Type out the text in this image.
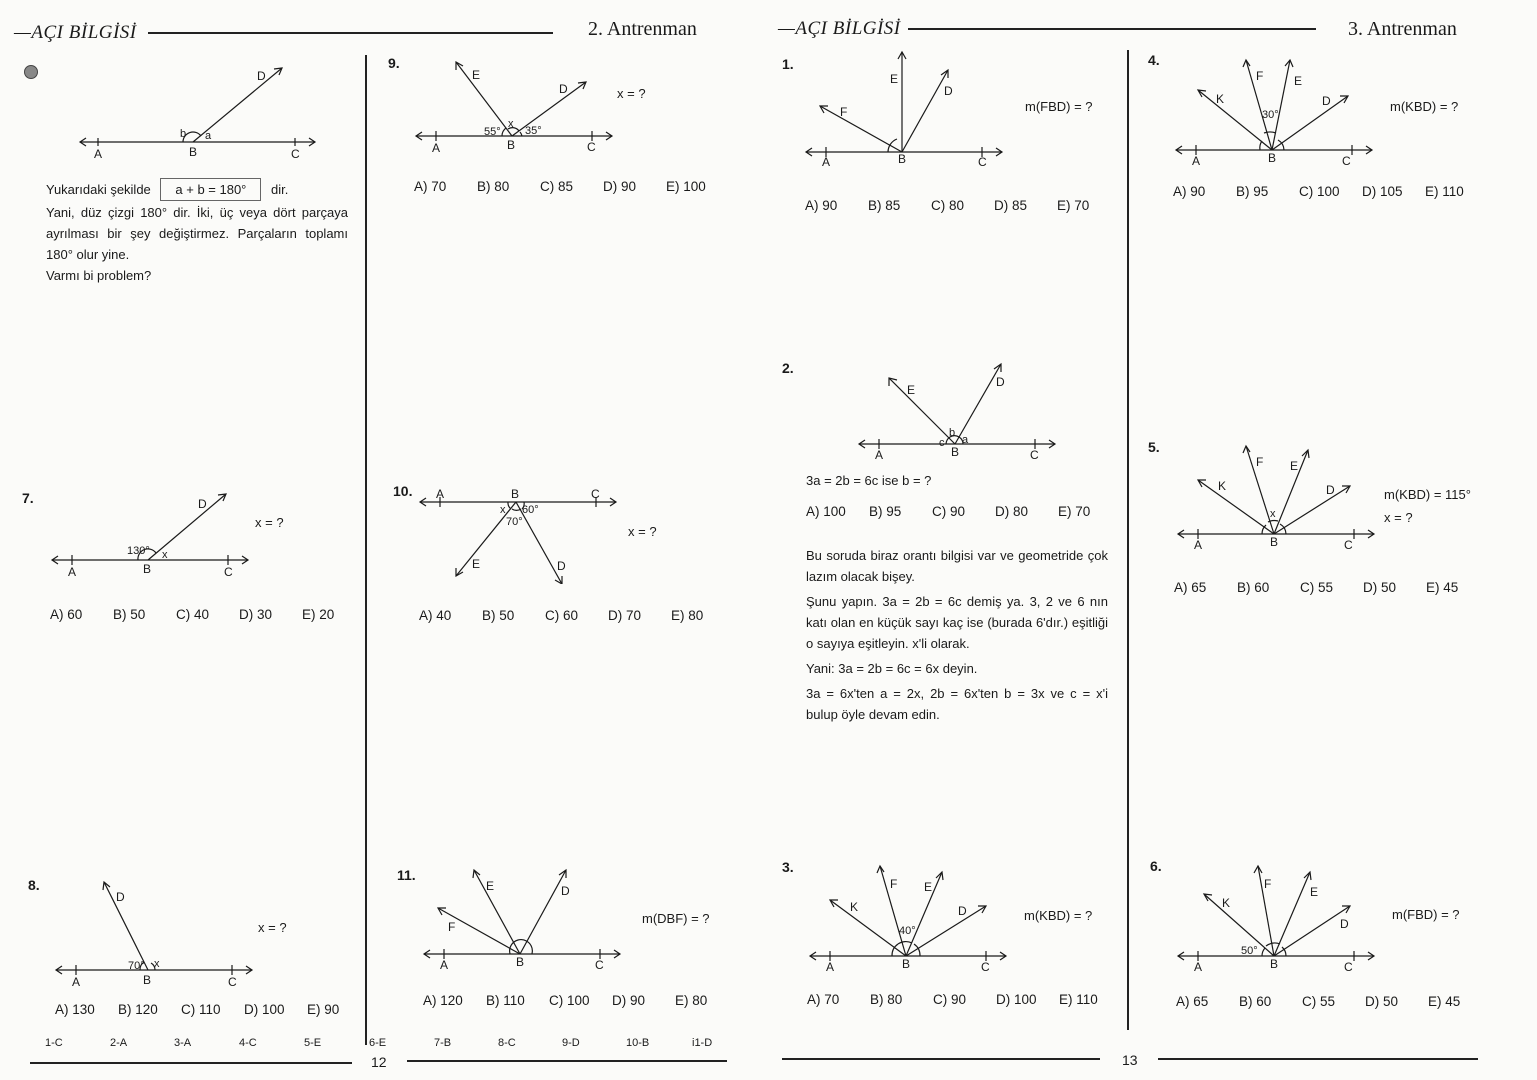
—AÇI BİLGİSİ	2. Antrenman
A	B	C
D
b a
Yukarıdaki şekilde a + b = 180° dir.
Yani, düz çizgi 180° dir. İki, üç veya dört parçaya ayrılması bir şey değiştirmez. Parçaların toplamı 180° olur yine.
Varmı bi problem?
7.
A	B	C
D
130° x
x = ?
A) 60	B) 50	C) 40	D) 30	E) 20
8.
A	B	C
D
70° x
x = ?
A) 130	B) 120	C) 110	D) 100	E) 90
9.
A	B	C
E
D
55°
x
35°
x = ?
A) 70	B) 80	C) 85	D) 90	E) 100
10. A	B	C
E	D
x 60°
70°
x = ?
A) 40	B) 50	C) 60	D) 70	E) 80
11.
A	B	C
E	D
F
m(DBF) = ?
A) 120	B) 110	C) 100	D) 90	E) 80
1-C	2-A	3-A	4-C	5-E	6-E	7-B	8-C	9-D	10-B	i1-D
12
—AÇI BİLGİSİ	3. Antrenman
1.
A	B	C
E
D
F	m(FBD) = ?
A) 90	B) 85	C) 80	D) 85	E) 70
2.
A	B	C
E
D
c
b
a
3a = 2b = 6c ise b = ?
A) 100	B) 95	C) 90	D) 80	E) 70
Bu soruda biraz orantı bilgisi var ve geometride çok lazım olacak bişey.
Şunu yapın. 3a = 2b = 6c demiş ya. 3, 2 ve 6 nın katı olan en küçük sayı kaç ise (burada 6'dır.) eşitliği o sayıya eşitleyin. x'li olarak.
Yani: 3a = 2b = 6c = 6x deyin.
3a = 6x'ten a = 2x, 2b = 6x'ten b = 3x ve c = x'i bulup öyle devam edin.
3.
A	B	C
F E
K	D
40°
m(KBD) = ?
A) 70	B) 80	C) 90	D) 100	E) 110
4.
A	B	C
F	E
K	D
30°
m(KBD) = ?
A) 90	B) 95	C) 100	D) 105	E) 110
5.
A	B	C
F E
K	D
x
m(KBD) = 115°
x = ?
A) 65	B) 60	C) 55	D) 50	E) 45
6.
A	B	C
F
E
K
D
50°
m(FBD) = ?
A) 65	B) 60	C) 55	D) 50	E) 45
13
